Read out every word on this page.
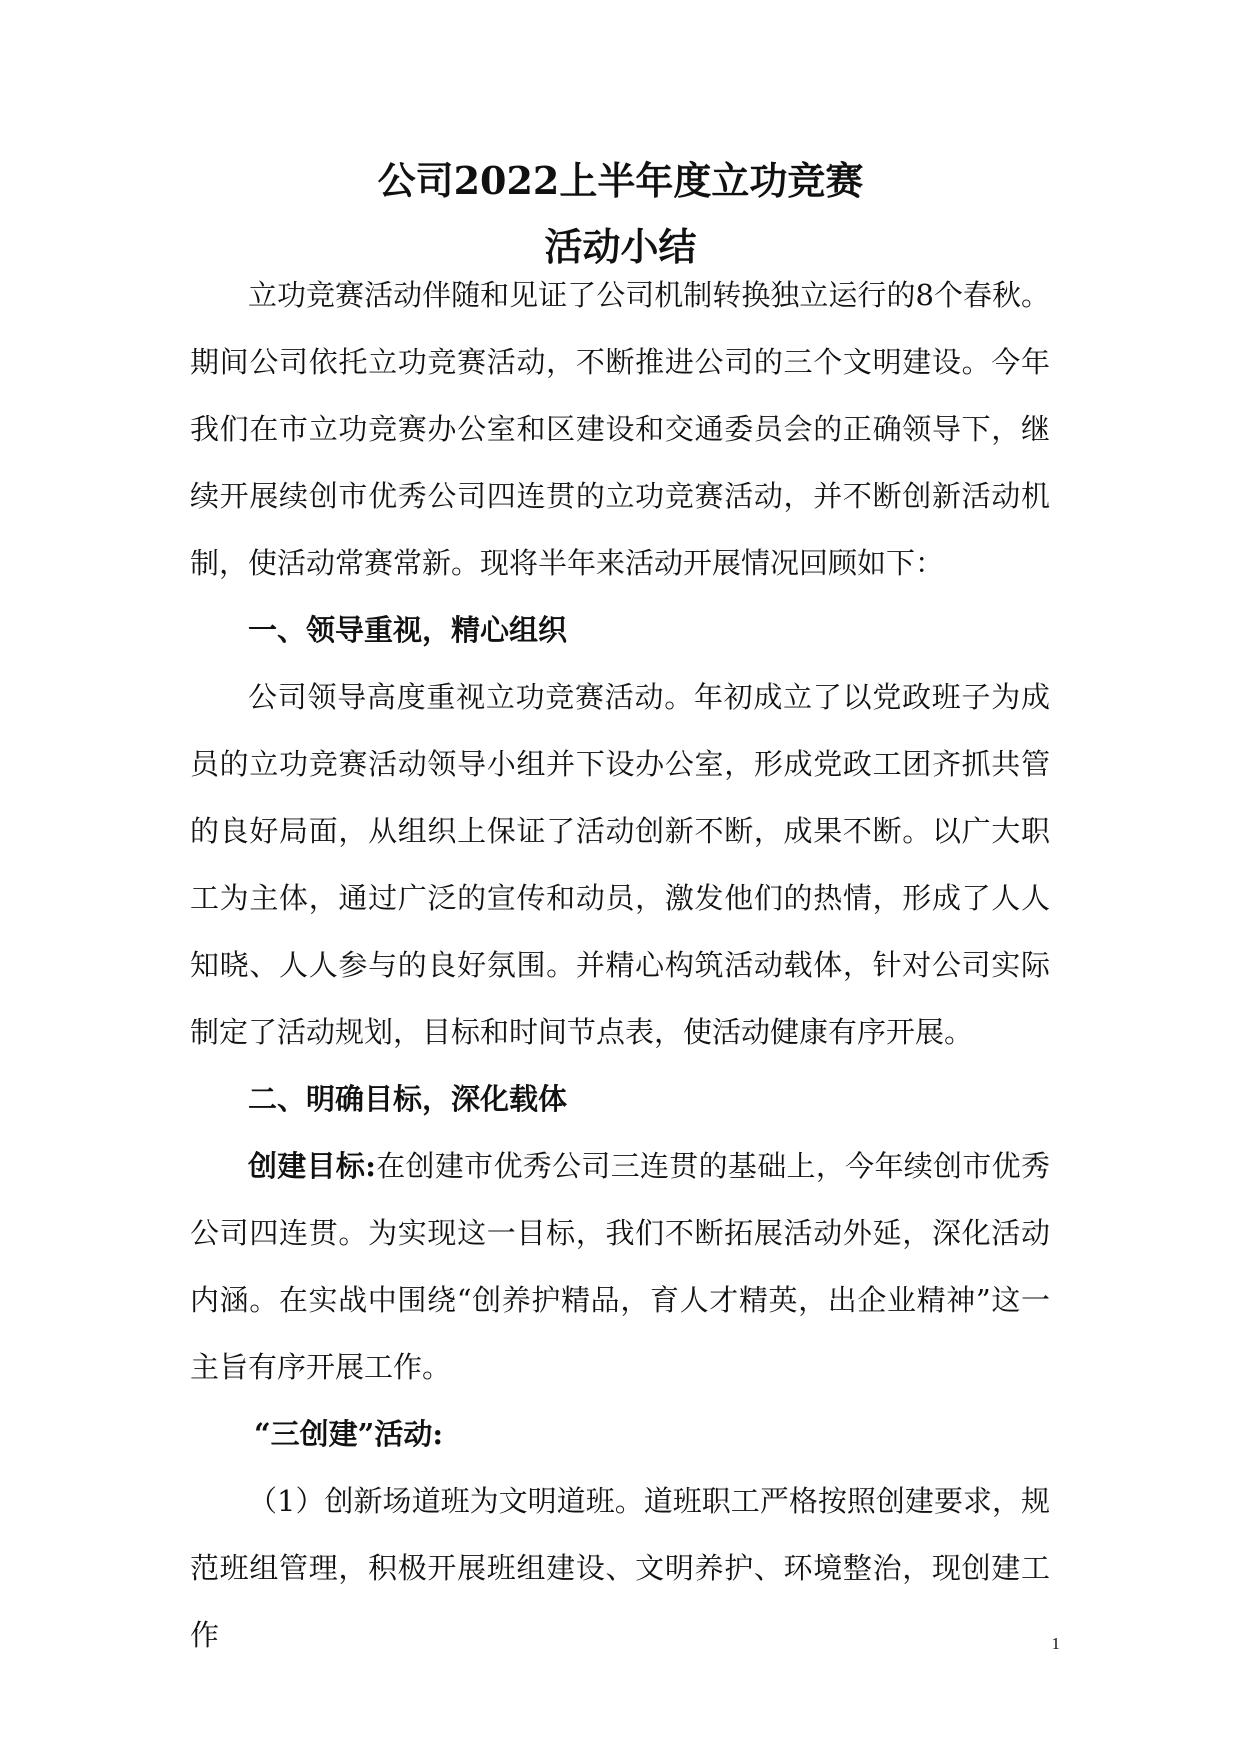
公司2022上半年度立功竞赛
活动小结

立功竞赛活动伴随和见证了公司机制转换独立运行的8个春秋。期间公司依托立功竞赛活动，不断推进公司的三个文明建设。今年我们在市立功竞赛办公室和区建设和交通委员会的正确领导下，继续开展续创市优秀公司四连贯的立功竞赛活动，并不断创新活动机制，使活动常赛常新。现将半年来活动开展情况回顾如下：

一、领导重视，精心组织

公司领导高度重视立功竞赛活动。年初成立了以党政班子为成员的立功竞赛活动领导小组并下设办公室，形成党政工团齐抓共管的良好局面，从组织上保证了活动创新不断，成果不断。以广大职工为主体，通过广泛的宣传和动员，激发他们的热情，形成了人人知晓、人人参与的良好氛围。并精心构筑活动载体，针对公司实际制定了活动规划，目标和时间节点表，使活动健康有序开展。

二、明确目标，深化载体

创建目标:在创建市优秀公司三连贯的基础上，今年续创市优秀公司四连贯。为实现这一目标，我们不断拓展活动外延，深化活动内涵。在实战中围绕“创养护精品，育人才精英，出企业精神”这一主旨有序开展工作。

“三创建”活动:

（1）创新场道班为文明道班。道班职工严格按照创建要求，规范班组管理，积极开展班组建设、文明养护、环境整治，现创建工作	1
